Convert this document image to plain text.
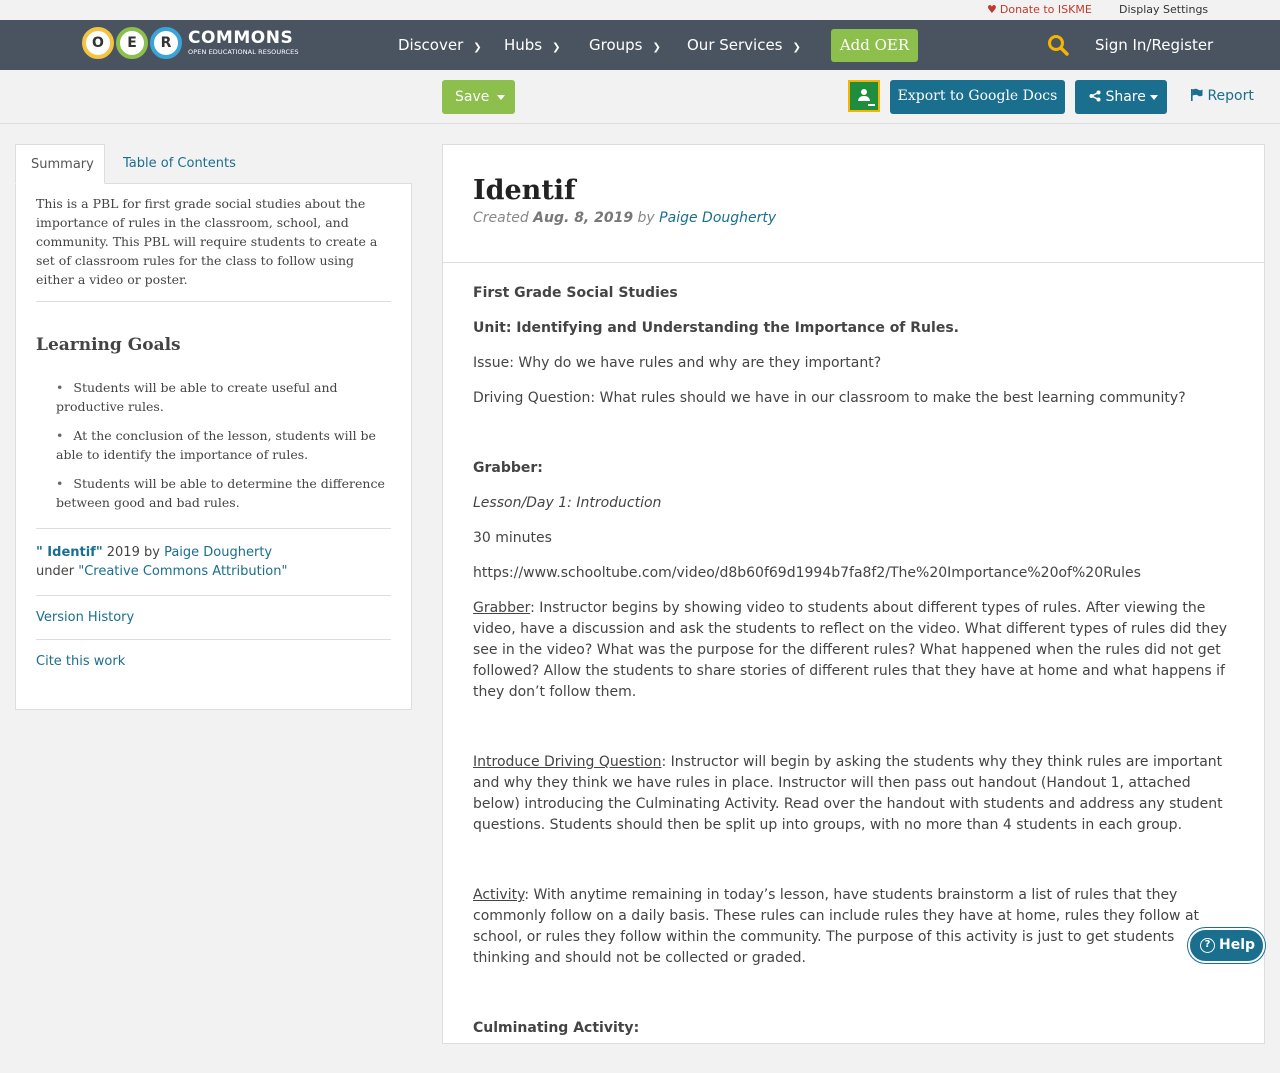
♥ Donate to ISKME Display Settings
O	E	R COMMONS
OPEN EDUCATIONAL RESOURCES	Discover ❯ Hubs ❯ Groups ❯ Our Services ❯	Add OER	Sign In/Register
Save	Export to Google Docs	Share	Report
Summary	Table of Contents

This is a PBL for first grade social studies about the importance of rules in the classroom, school, and community. This PBL will require students to create a set of classroom rules for the class to follow using either a video or poster.

Learning Goals
• Students will be able to create useful and productive rules.
• At the conclusion of the lesson, students will be able to identify the importance of rules.
• Students will be able to determine the difference between good and bad rules.
" Identif" 2019 by Paige Dougherty
under "Creative Commons Attribution"
Version History
Cite this work
Identif
Created Aug. 8, 2019 by Paige Dougherty

First Grade Social Studies

Unit: Identifying and Understanding the Importance of Rules.

Issue: Why do we have rules and why are they important?

Driving Question: What rules should we have in our classroom to make the best learning community?

Grabber:

Lesson/Day 1: Introduction

30 minutes

https://www.schooltube.com/video/d8b60f69d1994b7fa8f2/The%20Importance%20of%20Rules

Grabber: Instructor begins by showing video to students about different types of rules. After viewing the video, have a discussion and ask the students to reflect on the video. What different types of rules did they see in the video? What was the purpose for the different rules? What happened when the rules did not get followed? Allow the students to share stories of different rules that they have at home and what happens if they don’t follow them.

Introduce Driving Question: Instructor will begin by asking the students why they think rules are important and why they think we have rules in place. Instructor will then pass out handout (Handout 1, attached below) introducing the Culminating Activity. Read over the handout with students and address any student questions. Students should then be split up into groups, with no more than 4 students in each group.

Activity: With anytime remaining in today’s lesson, have students brainstorm a list of rules that they commonly follow on a daily basis. These rules can include rules they have at home, rules they follow at school, or rules they follow within the community. The purpose of this activity is just to get students thinking and should not be collected or graded.

Culminating Activity:

? Help
